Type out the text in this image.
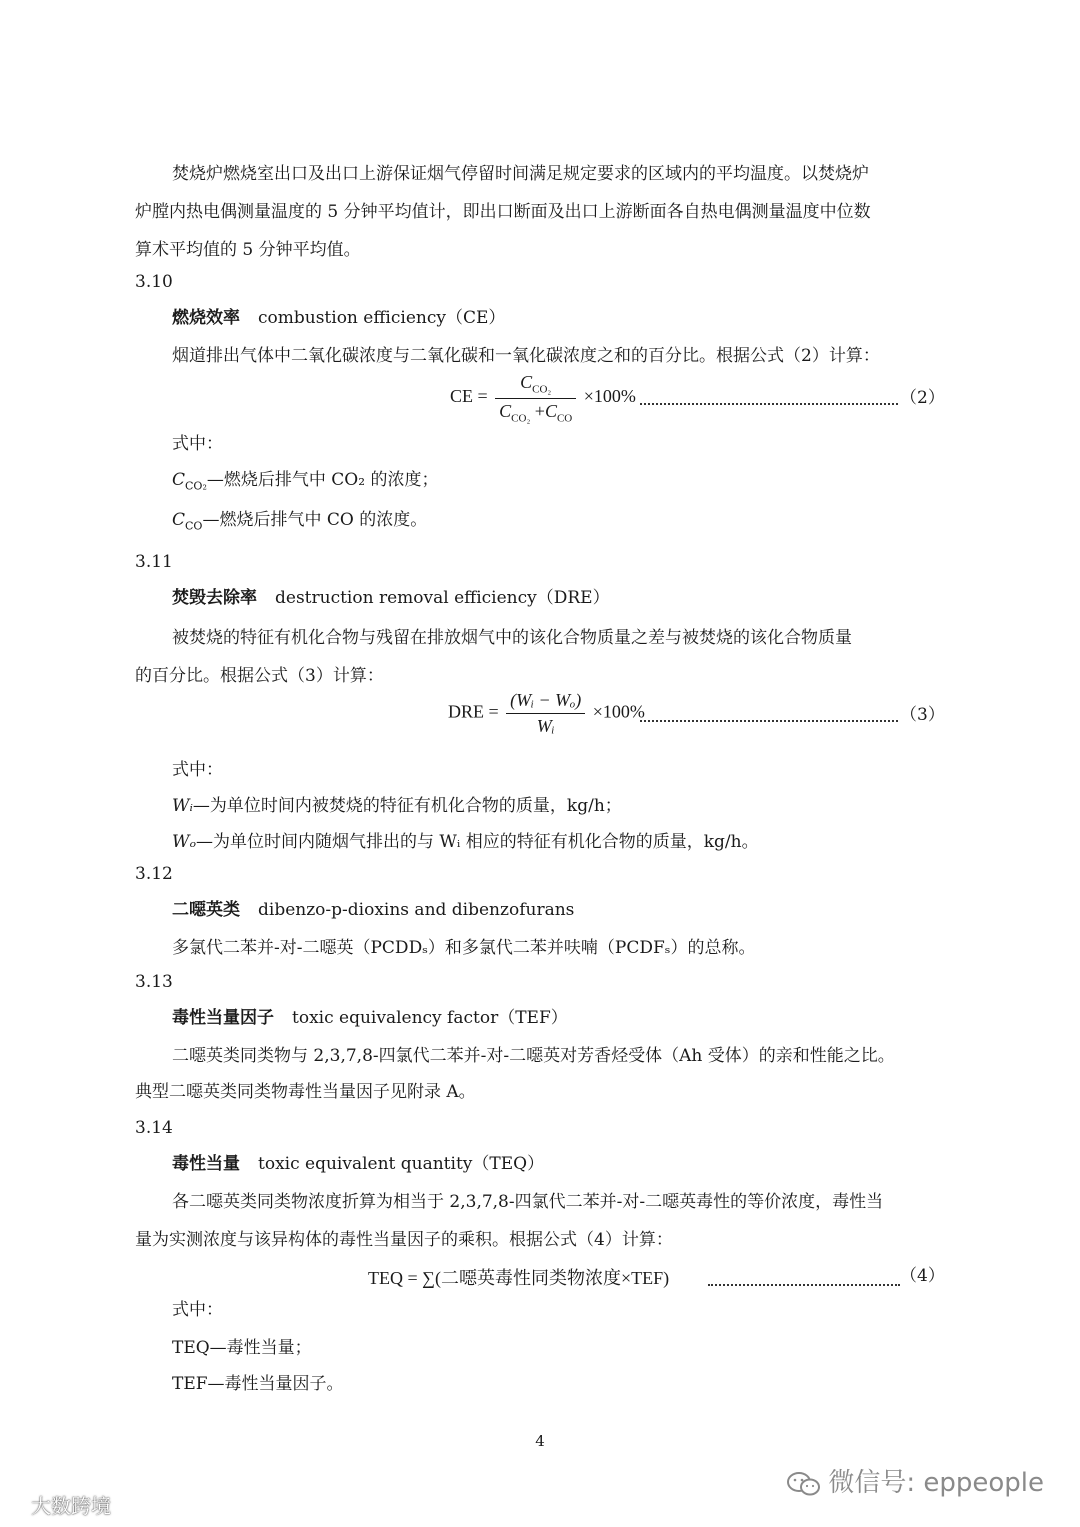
焚烧炉燃烧室出口及出口上游保证烟气停留时间满足规定要求的区域内的平均温度。以焚烧炉
炉膛内热电偶测量温度的 5 分钟平均值计，即出口断面及出口上游断面各自热电偶测量温度中位数
算术平均值的 5 分钟平均值。
3.10
燃烧效率 combustion efficiency（CE）
烟道排出气体中二氧化碳浓度与二氧化碳和一氧化碳浓度之和的百分比。根据公式（2）计算：
CE = $\frac{C_{CO_2}}{C_{CO_2} +C_{CO}} \times 100\%$	（2）
式中：
$C_{CO_2}—$燃烧后排气中 CO₂ 的浓度；
$C_{CO}—$燃烧后排气中 CO 的浓度。
3.11
焚毁去除率 destruction removal efficiency（DRE）
被焚烧的特征有机化合物与残留在排放烟气中的该化合物质量之差与被焚烧的该化合物质量
的百分比。根据公式（3）计算：
DRE = $\frac{\text{(Wᵢ − Wₒ)}}{\text{Wᵢ}} \times 100\%$	（3）
式中：
Wᵢ—为单位时间内被焚烧的特征有机化合物的质量，kg/h；
Wₒ—为单位时间内随烟气排出的与 Wᵢ 相应的特征有机化合物的质量，kg/h。
3.12
二噁英类 dibenzo-p-dioxins and dibenzofurans
多氯代二苯并-对-二噁英（PCDDₛ）和多氯代二苯并呋喃（PCDFₛ）的总称。
3.13
毒性当量因子 toxic equivalency factor（TEF）
二噁英类同类物与 2,3,7,8-四氯代二苯并-对-二噁英对芳香烃受体（Ah 受体）的亲和性能之比。
典型二噁英类同类物毒性当量因子见附录 A。
3.14
毒性当量 toxic equivalent quantity（TEQ）
各二噁英类同类物浓度折算为相当于 2,3,7,8-四氯代二苯并-对-二噁英毒性的等价浓度，毒性当
量为实测浓度与该异构体的毒性当量因子的乘积。根据公式（4）计算：
TEQ = ∑(二噁英毒性同类物浓度×TEF)	（4）
式中：
TEQ—毒性当量；
TEF—毒性当量因子。
4
微信号: eppeople
大数跨境
